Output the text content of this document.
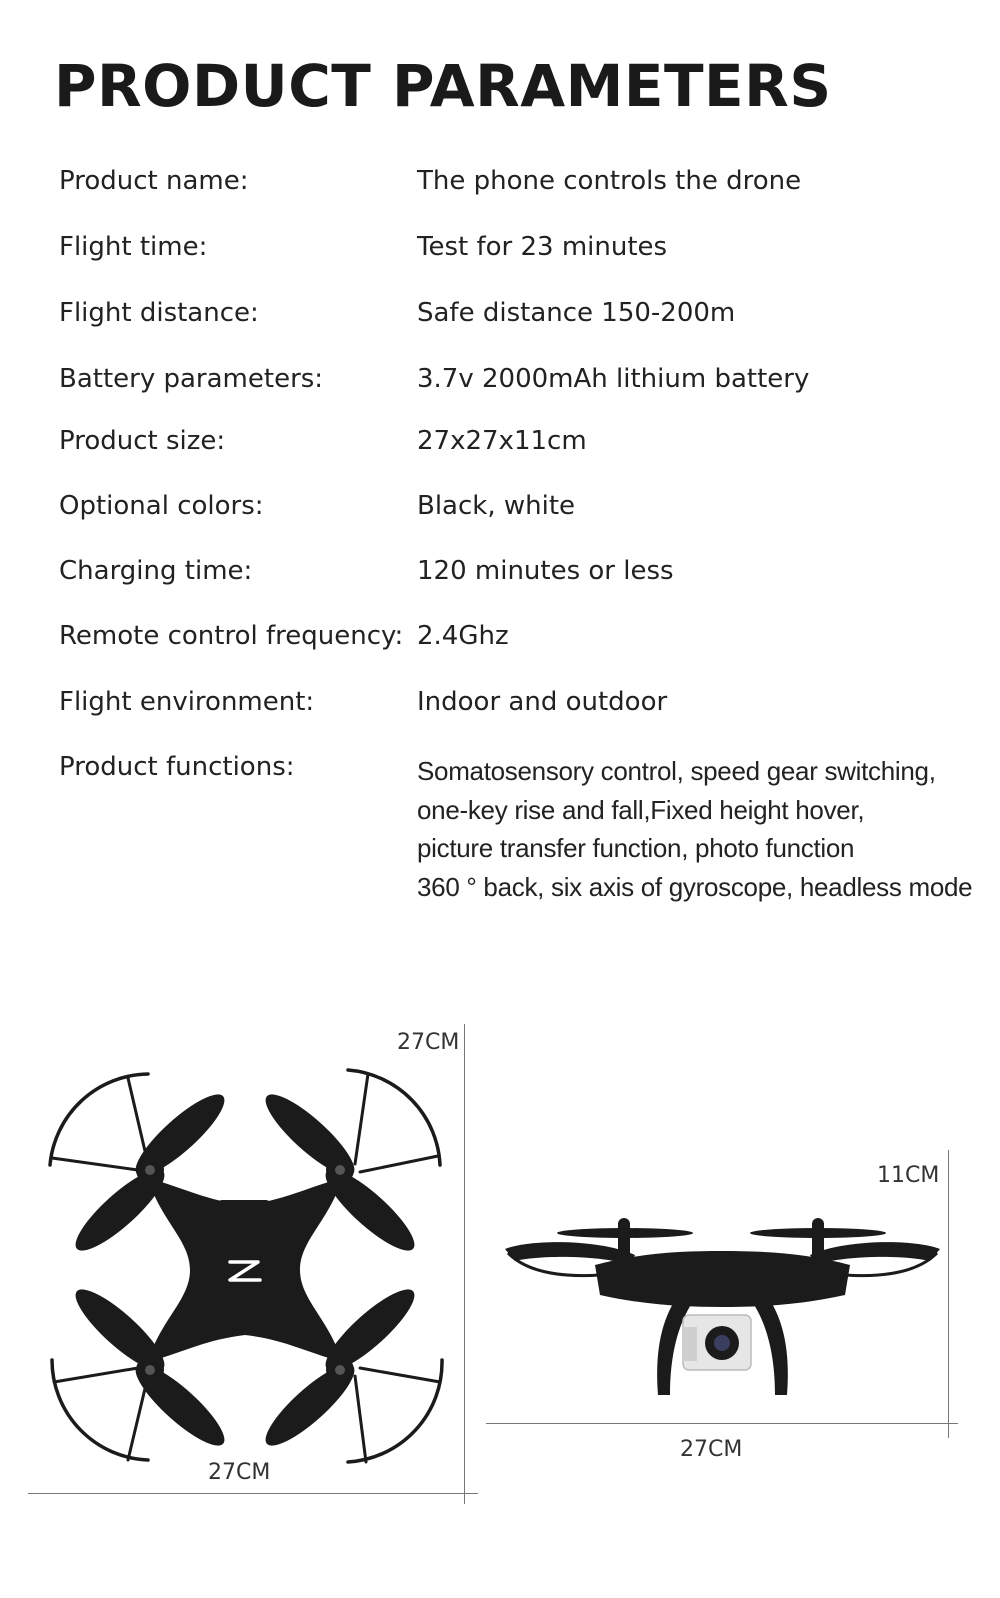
PRODUCT PARAMETERS
Product name:	The phone controls the drone
Flight time:	Test for 23 minutes
Flight distance:	Safe distance 150-200m
Battery parameters:	3.7v 2000mAh lithium battery
Product size:	27x27x11cm
Optional colors:	Black, white
Charging time:	120 minutes or less
Remote control frequency: 2.4Ghz
Flight environment:	Indoor and outdoor
Product functions:	Somatosensory control, speed gear switching,
one-key rise and fall,Fixed height hover,
picture transfer function, photo function
360 ° back, six axis of gyroscope, headless mode
27CM
27CM
11CM
27CM
